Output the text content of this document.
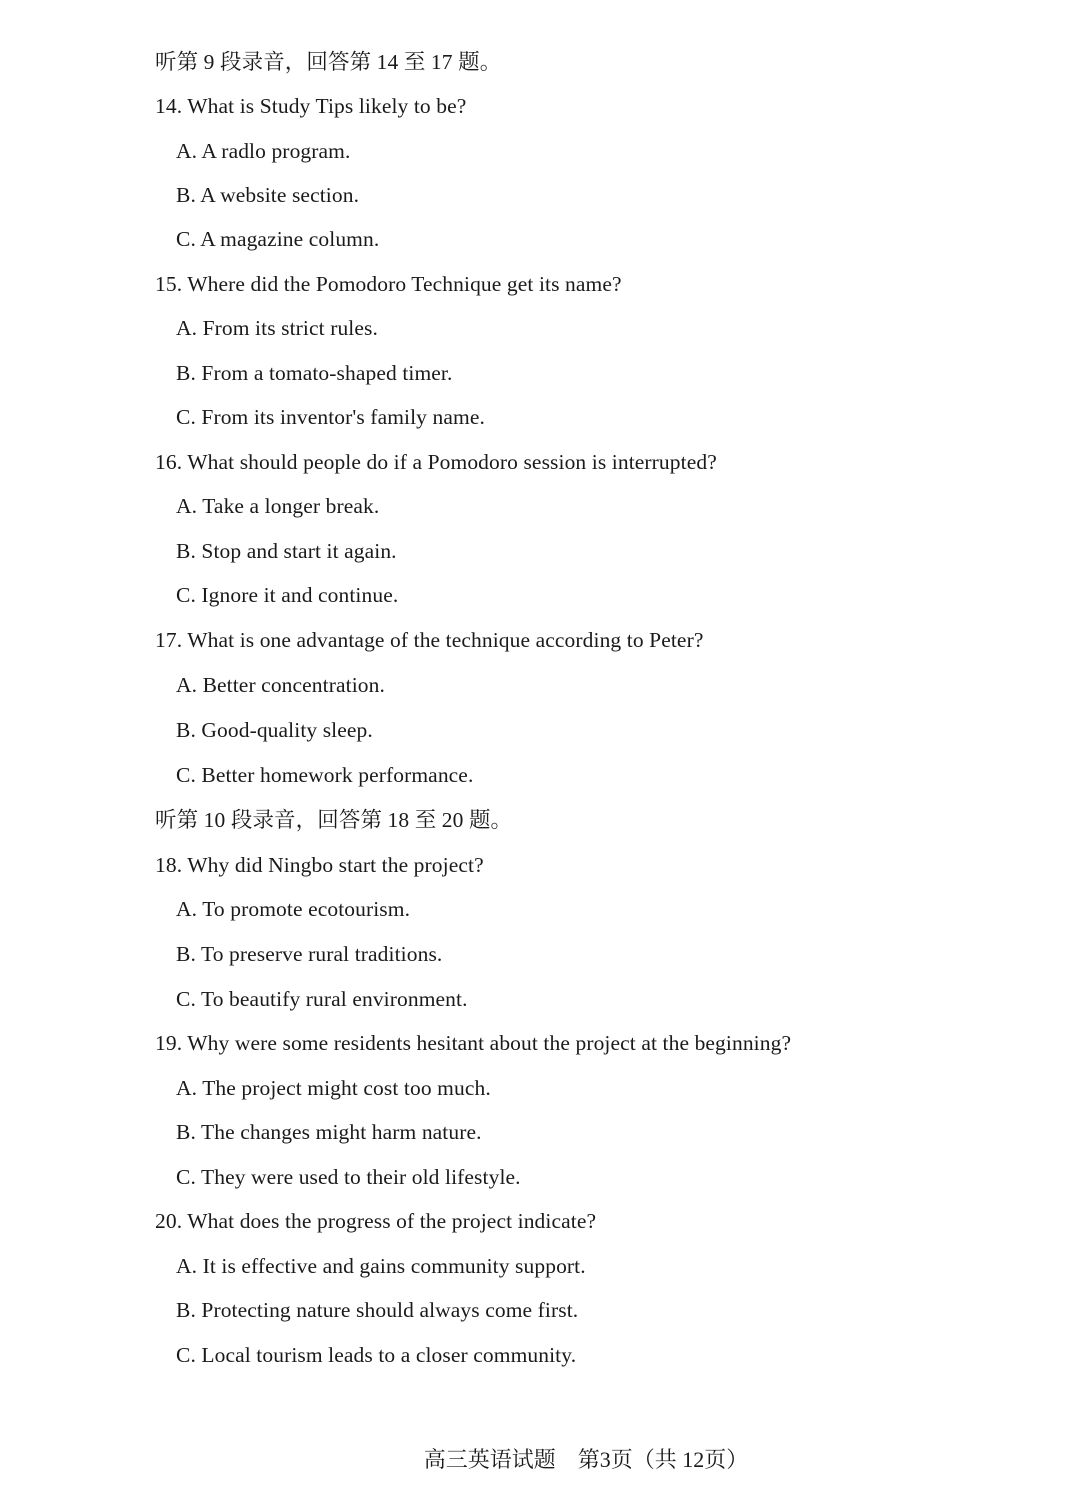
听第 9 段录音，回答第 14 至 17 题。
14. What is Study Tips likely to be?
A. A radlo program.
B. A website section.
C. A magazine column.
15. Where did the Pomodoro Technique get its name?
A. From its strict rules.
B. From a tomato-shaped timer.
C. From its inventor's family name.
16. What should people do if a Pomodoro session is interrupted?
A. Take a longer break.
B. Stop and start it again.
C. Ignore it and continue.
17. What is one advantage of the technique according to Peter?
A. Better concentration.
B. Good-quality sleep.
C. Better homework performance.
听第 10 段录音，回答第 18 至 20 题。
18. Why did Ningbo start the project?
A. To promote ecotourism.
B. To preserve rural traditions.
C. To beautify rural environment.
19. Why were some residents hesitant about the project at the beginning?
A. The project might cost too much.
B. The changes might harm nature.
C. They were used to their old lifestyle.
20. What does the progress of the project indicate?
A. It is effective and gains community support.
B. Protecting nature should always come first.
C. Local tourism leads to a closer community.
高三英语试题　第3页（共 12页）
